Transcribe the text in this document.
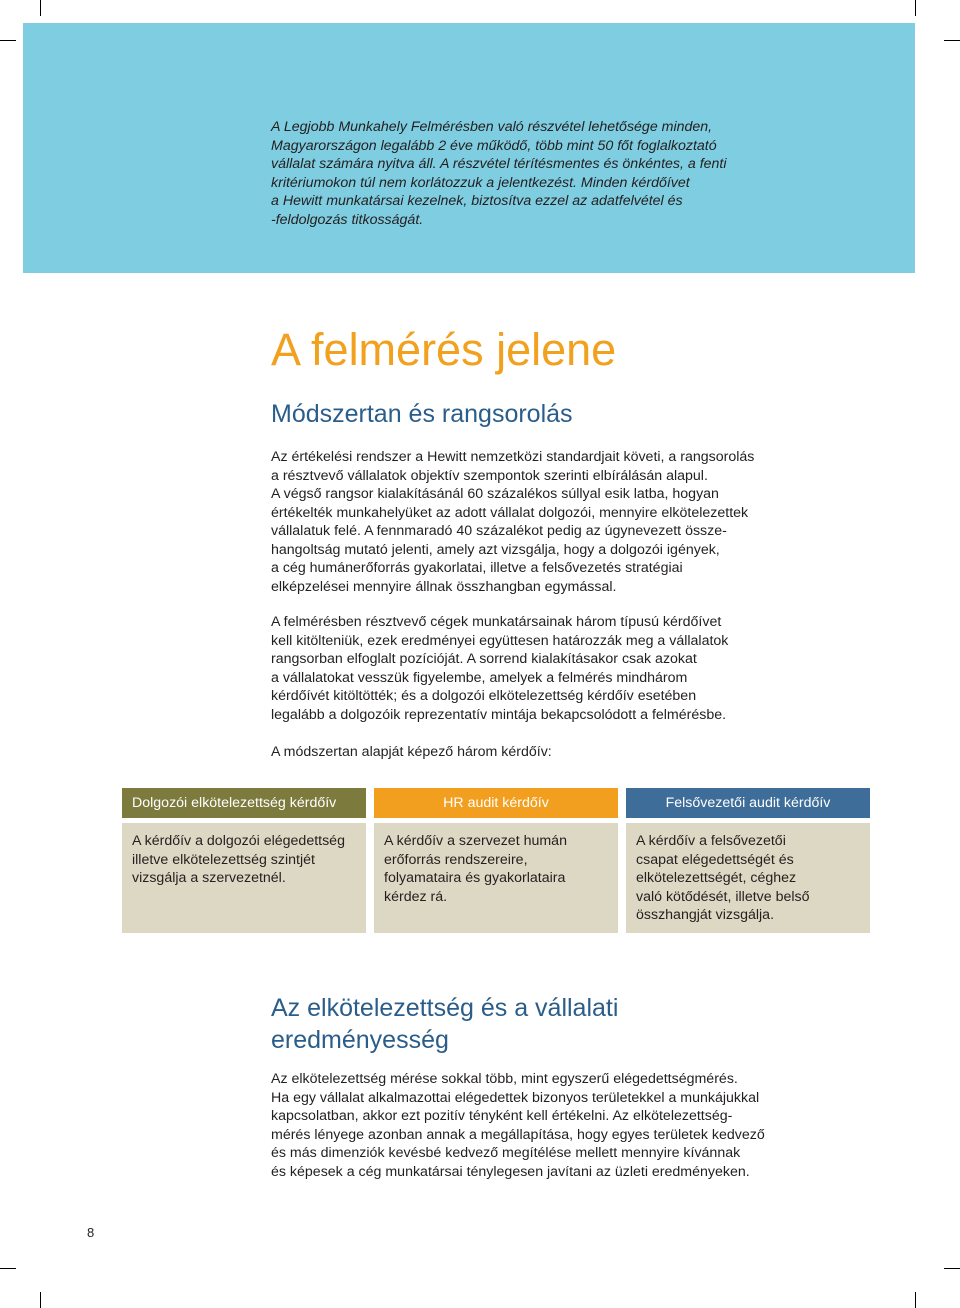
A Legjobb Munkahely Felmérésben való részvétel lehetősége minden,
Magyarországon legalább 2 éve működő, több mint 50 főt foglalkoztató
vállalat számára nyitva áll. A részvétel térítésmentes és önkéntes, a fenti
kritériumokon túl nem korlátozzuk a jelentkezést. Minden kérdőívet
a Hewitt munkatársai kezelnek, biztosítva ezzel az adatfelvétel és
-feldolgozás titkosságát.
A felmérés jelene
Módszertan és rangsorolás

Az értékelési rendszer a Hewitt nemzetközi standardjait követi, a rangsorolás
a résztvevő vállalatok objektív szempontok szerinti elbírálásán alapul.
A végső rangsor kialakításánál 60 százalékos súllyal esik latba, hogyan
értékelték munkahelyüket az adott vállalat dolgozói, mennyire elkötelezettek
vállalatuk felé. A fennmaradó 40 százalékot pedig az úgynevezett össze-
hangoltság mutató jelenti, amely azt vizsgálja, hogy a dolgozói igények,
a cég humánerőforrás gyakorlatai, illetve a felsővezetés stratégiai
elképzelései mennyire állnak összhangban egymással.

A felmérésben résztvevő cégek munkatársainak három típusú kérdőívet
kell kitölteniük, ezek eredményei együttesen határozzák meg a vállalatok
rangsorban elfoglalt pozícióját. A sorrend kialakításakor csak azokat
a vállalatokat vesszük figyelembe, amelyek a felmérés mindhárom
kérdőívét kitöltötték; és a dolgozói elkötelezettség kérdőív esetében
legalább a dolgozóik reprezentatív mintája bekapcsolódott a felmérésbe.

A módszertan alapját képező három kérdőív:

Dolgozói elkötelezettség kérdőív	HR audit kérdőív	Felsővezetői audit kérdőív
A kérdőív a dolgozói elégedettség
illetve elkötelezettség szintjét
vizsgálja a szervezetnél.
A kérdőív a szervezet humán
erőforrás rendszereire,
folyamataira és gyakorlataira
kérdez rá.
A kérdőív a felsővezetői
csapat elégedettségét és
elkötelezettségét, céghez
való kötődését, illetve belső
összhangját vizsgálja.
Az elkötelezettség és a vállalati
eredményesség

Az elkötelezettség mérése sokkal több, mint egyszerű elégedettségmérés.
Ha egy vállalat alkalmazottai elégedettek bizonyos területekkel a munkájukkal
kapcsolatban, akkor ezt pozitív tényként kell értékelni. Az elkötelezettség-
mérés lényege azonban annak a megállapítása, hogy egyes területek kedvező
és más dimenziók kevésbé kedvező megítélése mellett mennyire kívánnak
és képesek a cég munkatársai ténylegesen javítani az üzleti eredményeken.

8
